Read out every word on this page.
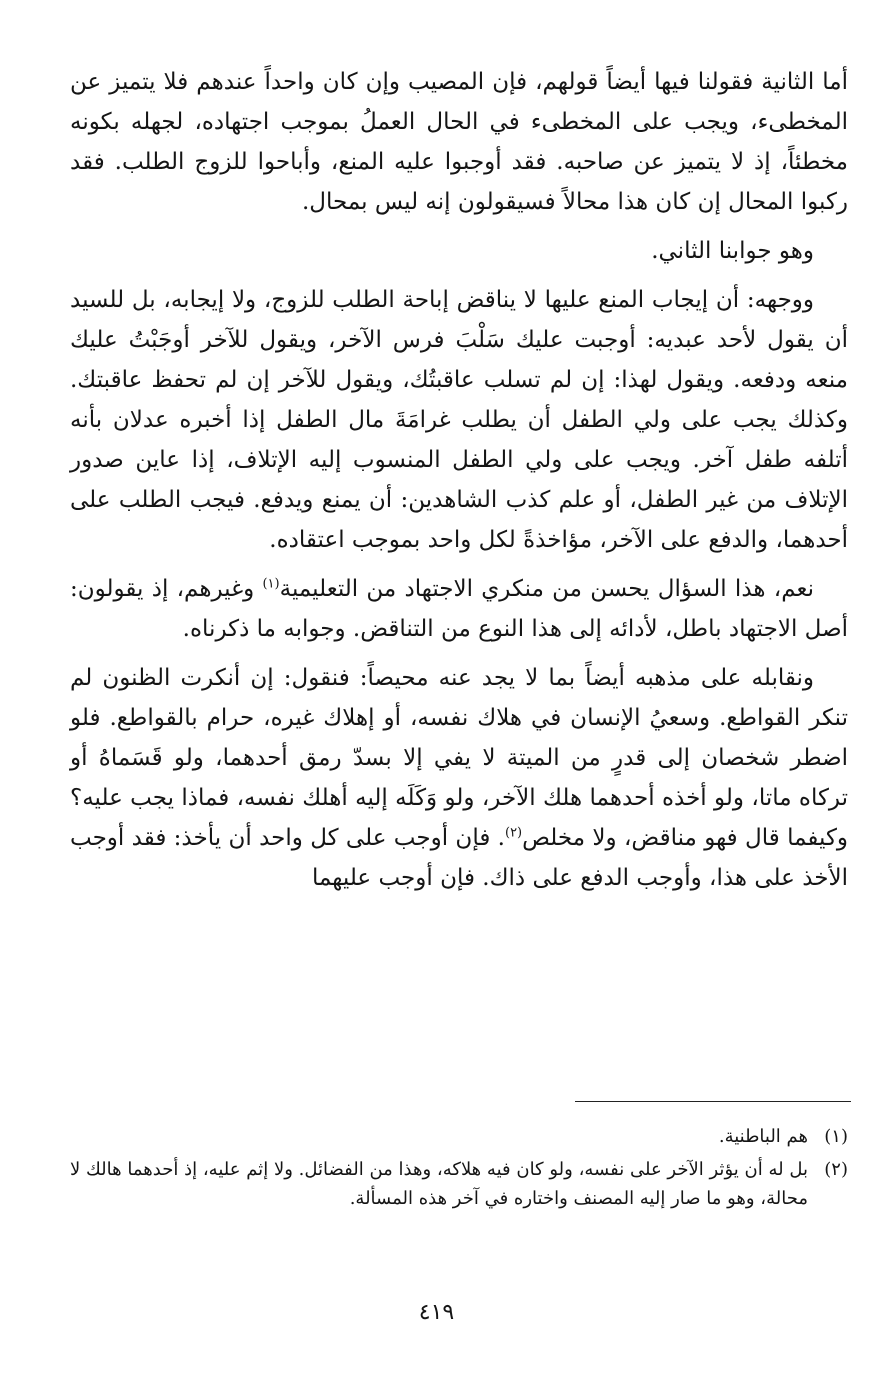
أما الثانية فقولنا فيها أيضاً قولهم، فإن المصيب وإن كان واحداً عندهم فلا يتميز عن المخطىء، ويجب على المخطىء في الحال العملُ بموجب اجتهاده، لجهله بكونه مخطئاً، إذ لا يتميز عن صاحبه. فقد أوجبوا عليه المنع، وأباحوا للزوج الطلب. فقد ركبوا المحال إن كان هذا محالاً فسيقولون إنه ليس بمحال.

وهو جوابنا الثاني.

ووجهه: أن إيجاب المنع عليها لا يناقض إباحة الطلب للزوج، ولا إيجابه، بل للسيد أن يقول لأحد عبديه: أوجبت عليك سَلْبَ فرس الآخر، ويقول للآخر أوجَبْتُ عليك منعه ودفعه. ويقول لهذا: إن لم تسلب عاقبتُك، ويقول للآخر إن لم تحفظ عاقبتك. وكذلك يجب على ولي الطفل أن يطلب غرامَةَ مال الطفل إذا أخبره عدلان بأنه أتلفه طفل آخر. ويجب على ولي الطفل المنسوب إليه الإتلاف، إذا عاين صدور الإتلاف من غير الطفل، أو علم كذب الشاهدين: أن يمنع ويدفع. فيجب الطلب على أحدهما، والدفع على الآخر، مؤاخذةً لكل واحد بموجب اعتقاده.

نعم، هذا السؤال يحسن من منكري الاجتهاد من التعليمية$^{(١)}$ وغيرهم، إذ يقولون: أصل الاجتهاد باطل، لأدائه إلى هذا النوع من التناقض. وجوابه ما ذكرناه.

ونقابله على مذهبه أيضاً بما لا يجد عنه محيصاً: فنقول: إن أنكرت الظنون لم تنكر القواطع. وسعيُ الإنسان في هلاك نفسه، أو إهلاك غيره، حرام بالقواطع. فلو اضطر شخصان إلى قدرٍ من الميتة لا يفي إلا بسدّ رمق أحدهما، ولو قَسَماهُ أو تركاه ماتا، ولو أخذه أحدهما هلك الآخر، ولو وَكَلَه إليه أهلك نفسه، فماذا يجب عليه؟ وكيفما قال فهو مناقض، ولا مخلص$^{(٢)}$. فإن أوجب على كل واحد أن يأخذ: فقد أوجب الأخذ على هذا، وأوجب الدفع على ذاك. فإن أوجب عليهما

(١)
هم الباطنية.
(٢)
بل له أن يؤثر الآخر على نفسه، ولو كان فيه هلاكه، وهذا من الفضائل. ولا إثم عليه، إذ أحدهما هالك لا محالة، وهو ما صار إليه المصنف واختاره في آخر هذه المسألة.
٤١٩
